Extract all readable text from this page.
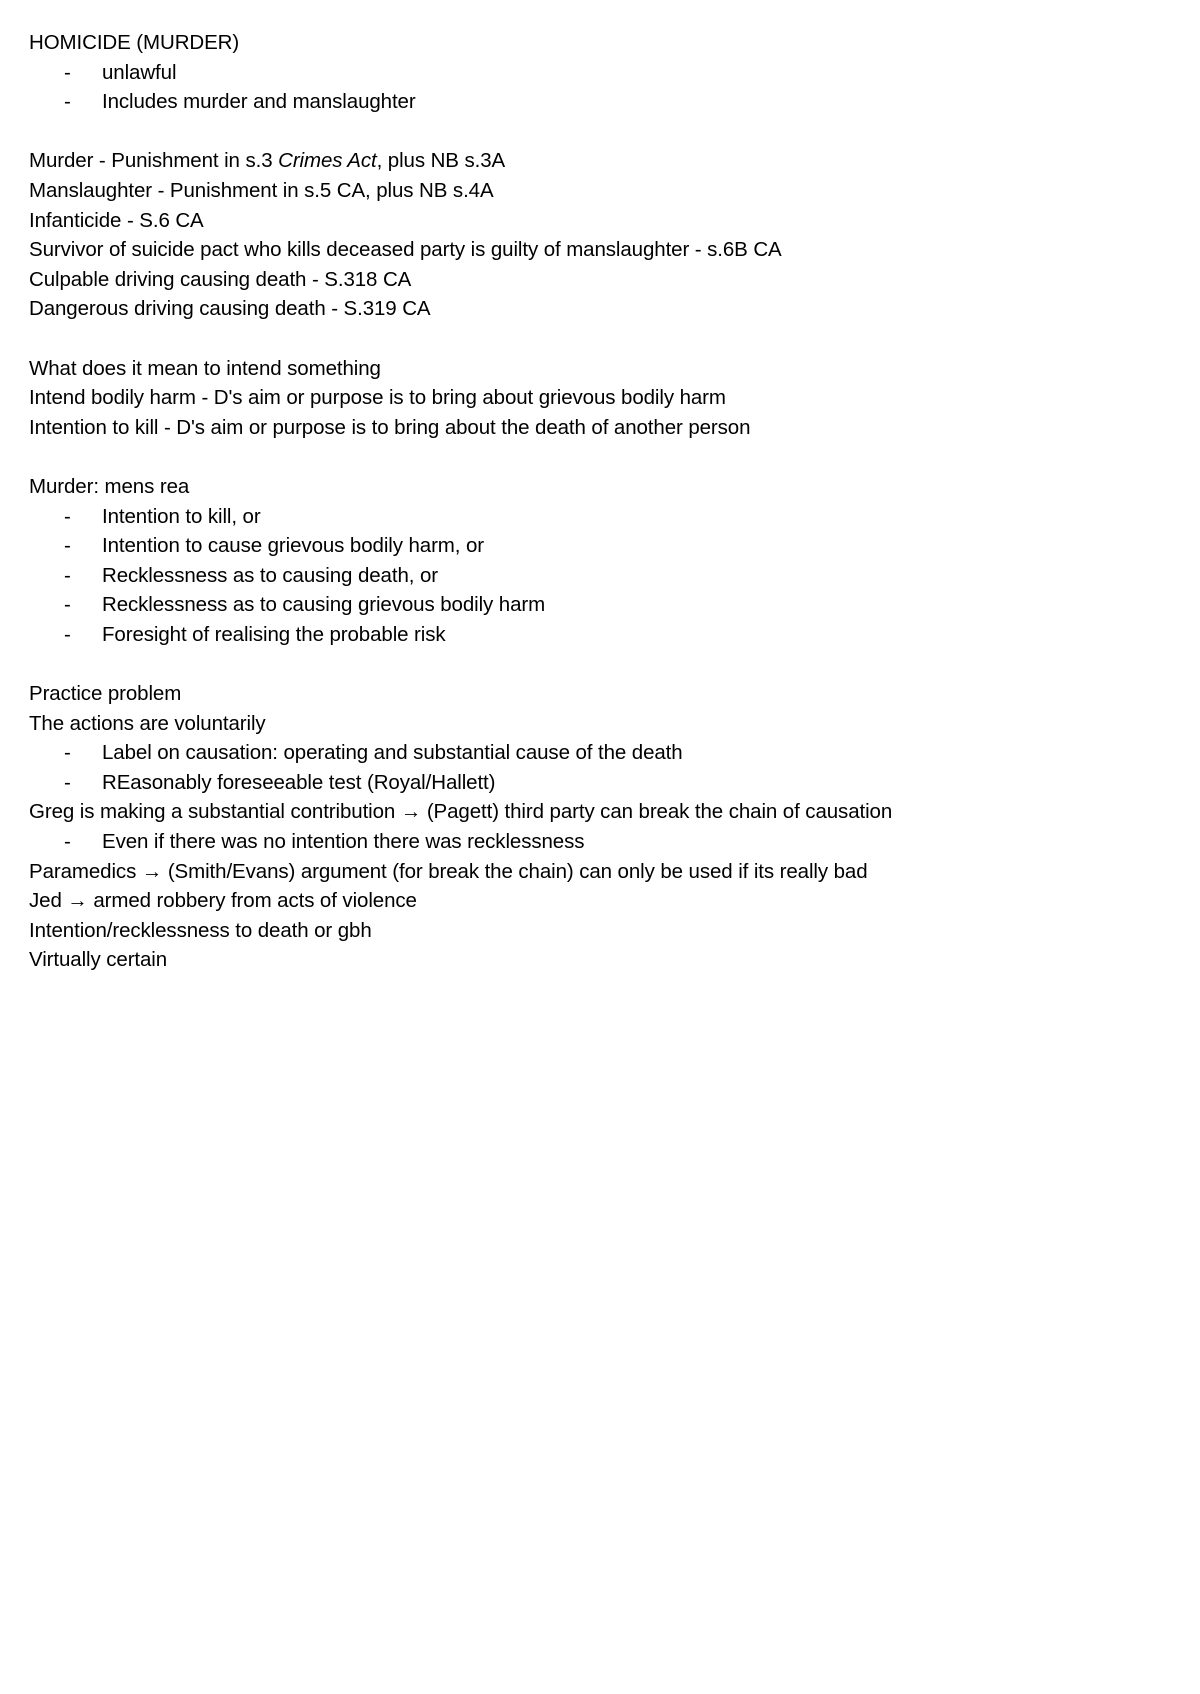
HOMICIDE (MURDER)
-	unlawful
-	Includes murder and manslaughter
Murder - Punishment in s.3 Crimes Act, plus NB s.3A
Manslaughter - Punishment in s.5 CA, plus NB s.4A
Infanticide - S.6 CA
Survivor of suicide pact who kills deceased party is guilty of manslaughter - s.6B CA
Culpable driving causing death - S.318 CA
Dangerous driving causing death - S.319 CA
What does it mean to intend something
Intend bodily harm - D's aim or purpose is to bring about grievous bodily harm
Intention to kill - D's aim or purpose is to bring about the death of another person
Murder: mens rea
-	Intention to kill, or
-	Intention to cause grievous bodily harm, or
-	Recklessness as to causing death, or
-	Recklessness as to causing grievous bodily harm
-	Foresight of realising the probable risk
Practice problem
The actions are voluntarily
-	Label on causation: operating and substantial cause of the death
-	REasonably foreseeable test (Royal/Hallett)
Greg is making a substantial contribution → (Pagett) third party can break the chain of causation
-	Even if there was no intention there was recklessness
Paramedics → (Smith/Evans) argument (for break the chain) can only be used if its really bad
Jed → armed robbery from acts of violence
Intention/recklessness to death or gbh
Virtually certain
